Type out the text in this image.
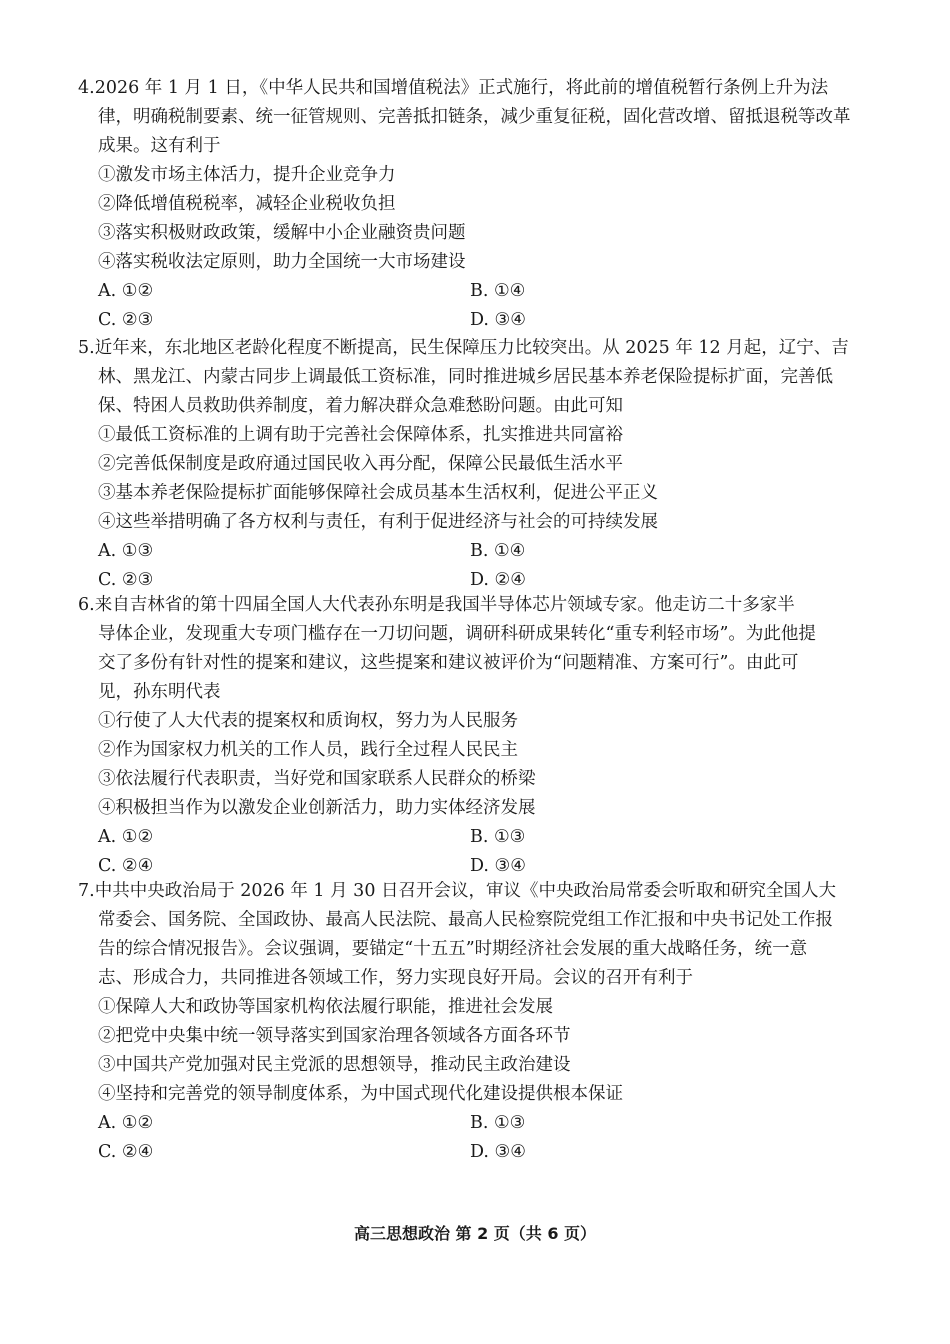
4.2026 年 1 月 1 日，《中华人民共和国增值税法》正式施行，将此前的增值税暂行条例上升为法
律，明确税制要素、统一征管规则、完善抵扣链条，减少重复征税，固化营改增、留抵退税等改革
成果。这有利于

①激发市场主体活力，提升企业竞争力
②降低增值税税率，减轻企业税收负担
③落实积极财政政策，缓解中小企业融资贵问题
④落实税收法定原则，助力全国统一大市场建设
A. ①②	B. ①④
C. ②③	D. ③④

5.近年来，东北地区老龄化程度不断提高，民生保障压力比较突出。从 2025 年 12 月起，辽宁、吉
林、黑龙江、内蒙古同步上调最低工资标准，同时推进城乡居民基本养老保险提标扩面，完善低
保、特困人员救助供养制度，着力解决群众急难愁盼问题。由此可知

①最低工资标准的上调有助于完善社会保障体系，扎实推进共同富裕
②完善低保制度是政府通过国民收入再分配，保障公民最低生活水平
③基本养老保险提标扩面能够保障社会成员基本生活权利，促进公平正义
④这些举措明确了各方权利与责任，有利于促进经济与社会的可持续发展
A. ①③	B. ①④
C. ②③	D. ②④

6.来自吉林省的第十四届全国人大代表孙东明是我国半导体芯片领域专家。他走访二十多家半
导体企业，发现重大专项门槛存在一刀切问题，调研科研成果转化“重专利轻市场”。为此他提
交了多份有针对性的提案和建议，这些提案和建议被评价为“问题精准、方案可行”。由此可
见，孙东明代表

①行使了人大代表的提案权和质询权，努力为人民服务
②作为国家权力机关的工作人员，践行全过程人民民主
③依法履行代表职责，当好党和国家联系人民群众的桥梁
④积极担当作为以激发企业创新活力，助力实体经济发展
A. ①②	B. ①③
C. ②④	D. ③④

7.中共中央政治局于 2026 年 1 月 30 日召开会议，审议《中央政治局常委会听取和研究全国人大
常委会、国务院、全国政协、最高人民法院、最高人民检察院党组工作汇报和中央书记处工作报
告的综合情况报告》。会议强调，要锚定“十五五”时期经济社会发展的重大战略任务，统一意
志、形成合力，共同推进各领域工作，努力实现良好开局。会议的召开有利于

①保障人大和政协等国家机构依法履行职能，推进社会发展
②把党中央集中统一领导落实到国家治理各领域各方面各环节
③中国共产党加强对民主党派的思想领导，推动民主政治建设
④坚持和完善党的领导制度体系，为中国式现代化建设提供根本保证
A. ①②	B. ①③
C. ②④	D. ③④
高三思想政治 第 2 页（共 6 页）
